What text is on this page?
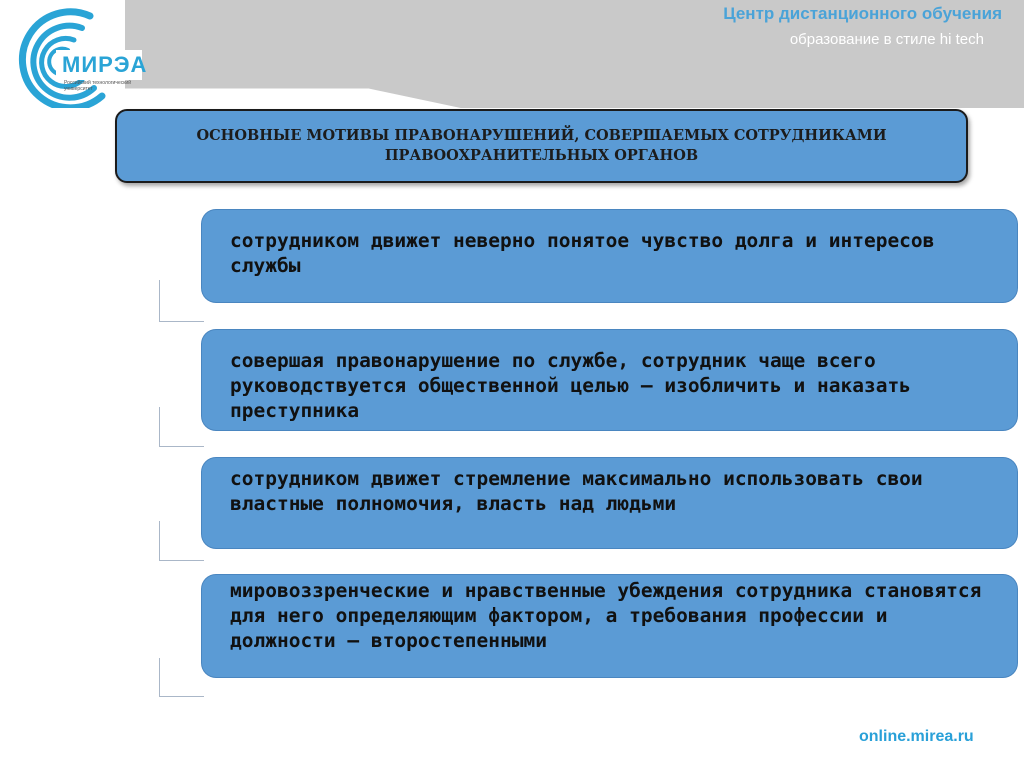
МИРЭА
Российский технологический университет
Центр дистанционного обучения
образование в стиле hi tech
ОСНОВНЫЕ МОТИВЫ ПРАВОНАРУШЕНИЙ, СОВЕРШАЕМЫХ СОТРУДНИКАМИ ПРАВООХРАНИТЕЛЬНЫХ ОРГАНОВ
сотрудником движет неверно понятое чувство долга и интересов службы
совершая правонарушение по службе, сотрудник чаще всего руководствуется общественной целью – изобличить и наказать преступника
сотрудником движет стремление максимально использовать свои властные полномочия, власть над людьми
мировоззренческие и нравственные убеждения сотрудника становятся для него определяющим фактором, а требования профессии и должности – второстепенными
online.mirea.ru
